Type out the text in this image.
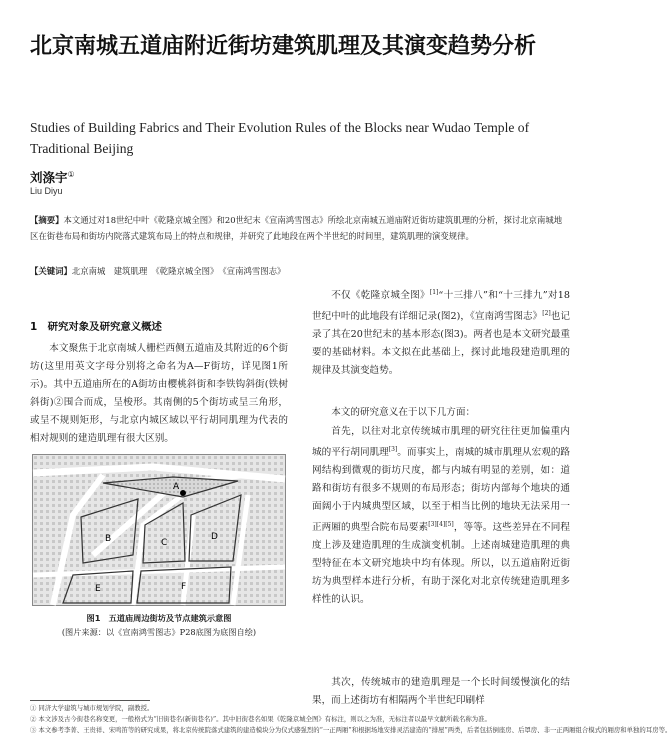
北京南城五道庙附近街坊建筑肌理及其演变趋势分析

Studies of Building Fabrics and Their Evolution Rules of the Blocks near Wudao Temple of Traditional Beijing

刘涤宇①
Liu Diyu

【摘要】本文通过对18世纪中叶《乾隆京城全图》和20世纪末《宣南鸿雪图志》所绘北京南城五道庙附近街坊建筑肌理的分析，探讨北京南城地区在街巷布局和街坊内院落式建筑布局上的特点和规律，并研究了此地段在两个半世纪的时间里，建筑肌理的演变规律。

【关键词】北京南城　建筑肌理　《乾隆京城全图》　《宣南鸿雪图志》

1　研究对象及研究意义概述

本文聚焦于北京南城人栅栏西侧五道庙及其附近的6个街坊(这里用英文字母分别将之命名为A—F街坊，详见图1所示)。其中五道庙所在的A街坊由樱桃斜街和李铁钩斜街(铁树斜街)②围合而成，呈梭形。其南侧的5个街坊或呈三角形，或呈不规则矩形，与北京内城区域以平行胡同肌理为代表的相对规则的建造肌理有很大区别。

A
B	C
D
E	F

图1　五道庙周边街坊及节点建筑示意图
(图片来源：以《宣南鸿雪图志》P28底图为底图自绘)

不仅《乾隆京城全图》[1]“十三排八”和“十三排九”对18世纪中叶的此地段有详细记录(图2)，《宣南鸿雪图志》[2]也记录了其在20世纪末的基本形态(图3)。两者也是本文研究最重要的基础材料。本文拟在此基础上，探讨此地段建造肌理的规律及其演变趋势。

本文的研究意义在于以下几方面：

首先，以往对北京传统城市肌理的研究往往更加偏重内城的平行胡同肌理[3]。而事实上，南城的城市肌理从宏观的路网结构到微观的街坊尺度，都与内城有明显的差别，如：道路和街坊有很多不规则的布局形态；街坊内部每个地块的通面阔小于内城典型区域，以至于相当比例的地块无法采用一正两厢的典型合院布局要素[3][4][5]，等等。这些差异在不同程度上涉及建造肌理的生成演变机制。上述南城建造肌理的典型特征在本文研究地块中均有体现。所以，以五道庙附近街坊为典型样本进行分析，有助于深化对北京传统建造肌理多样性的认识。

其次，传统城市的建造肌理是一个长时间缓慢演化的结果，而上述街坊有相隔两个半世纪印刷样

① 同济大学建筑与城市规划学院，副教授。
② 本文涉及古今街巷名称变更，一般格式为“旧街巷名(新街巷名)”。其中旧街巷名如果《乾隆京城全图》有标注，则以之为准，无标注者以最早文献所载名称为准。
③ 本文参考李菁、王贵祥、宋鸣笛等的研究成果，将北京传统院落式建筑的建造模块分为仪式感强烈的“一正两厢”和根据场地安排灵活建造的“排屋”两类，后者包括倒座房、后罩房、非一正两厢组合模式的厢房和单独的耳房等。
